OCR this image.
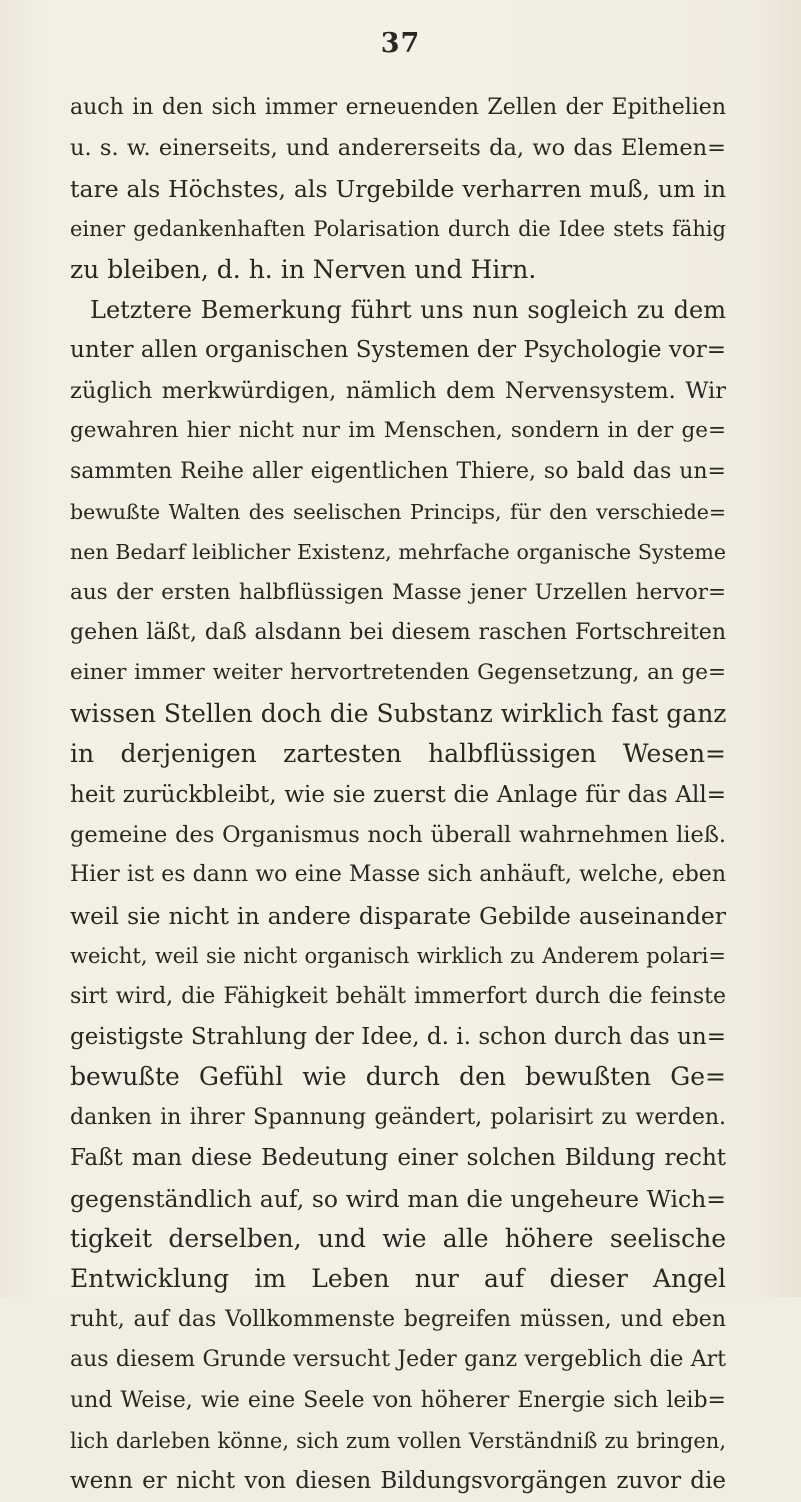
37
auch in den sich immer erneuenden Zellen der Epithelien
u. s. w. einerseits, und andererseits da, wo das Elemen=
tare als Höchstes, als Urgebilde verharren muß, um in
einer gedankenhaften Polarisation durch die Idee stets fähig
zu bleiben, d. h. in Nerven und Hirn.
Letztere Bemerkung führt uns nun sogleich zu dem
unter allen organischen Systemen der Psychologie vor=
züglich merkwürdigen, nämlich dem Nervensystem. Wir
gewahren hier nicht nur im Menschen, sondern in der ge=
sammten Reihe aller eigentlichen Thiere, so bald das un=
bewußte Walten des seelischen Princips, für den verschiede=
nen Bedarf leiblicher Existenz, mehrfache organische Systeme
aus der ersten halbflüssigen Masse jener Urzellen hervor=
gehen läßt, daß alsdann bei diesem raschen Fortschreiten
einer immer weiter hervortretenden Gegensetzung, an ge=
wissen Stellen doch die Substanz wirklich fast ganz
in derjenigen zartesten halbflüssigen Wesen=
heit zurückbleibt, wie sie zuerst die Anlage für das All=
gemeine des Organismus noch überall wahrnehmen ließ.
Hier ist es dann wo eine Masse sich anhäuft, welche, eben
weil sie nicht in andere disparate Gebilde auseinander
weicht, weil sie nicht organisch wirklich zu Anderem polari=
sirt wird, die Fähigkeit behält immerfort durch die feinste
geistigste Strahlung der Idee, d. i. schon durch das un=
bewußte Gefühl wie durch den bewußten Ge=
danken in ihrer Spannung geändert, polarisirt zu werden.
Faßt man diese Bedeutung einer solchen Bildung recht
gegenständlich auf, so wird man die ungeheure Wich=
tigkeit derselben, und wie alle höhere seelische
Entwicklung im Leben nur auf dieser Angel
ruht, auf das Vollkommenste begreifen müssen, und eben
aus diesem Grunde versucht Jeder ganz vergeblich die Art
und Weise, wie eine Seele von höherer Energie sich leib=
lich darleben könne, sich zum vollen Verständniß zu bringen,
wenn er nicht von diesen Bildungsvorgängen zuvor die
